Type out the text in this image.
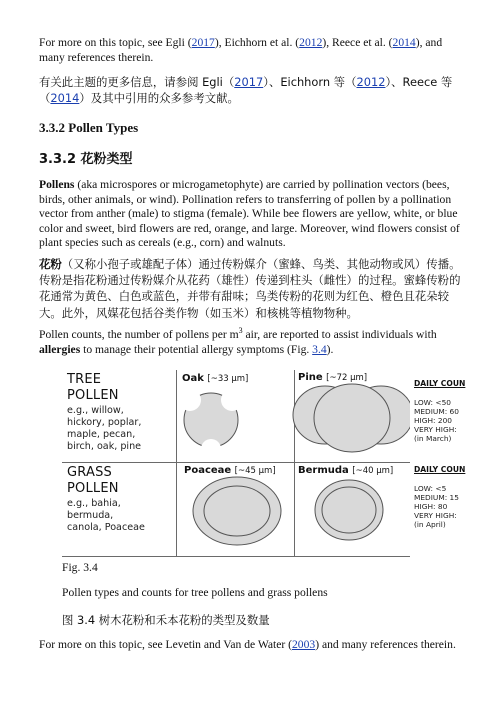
For more on this topic, see Egli (2017), Eichhorn et al. (2012), Reece et al. (2014), and many references therein.

有关此主题的更多信息，请参阅 Egli（2017）、Eichhorn 等（2012）、Reece 等（2014）及其中引用的众多参考文献。

3.3.2 Pollen Types
3.3.2 花粉类型

Pollens (aka microspores or microgametophyte) are carried by pollination vectors (bees, birds, other animals, or wind). Pollination refers to transferring of pollen by a pollination vector from anther (male) to stigma (female). While bee flowers are yellow, white, or blue color and sweet, bird flowers are red, orange, and large. Moreover, wind flowers consist of plant species such as cereals (e.g., corn) and walnuts.

花粉（又称小孢子或雄配子体）通过传粉媒介（蜜蜂、鸟类、其他动物或风）传播。传粉是指花粉通过传粉媒介从花药（雄性）传递到柱头（雌性）的过程。蜜蜂传粉的花通常为黄色、白色或蓝色，并带有甜味；鸟类传粉的花则为红色、橙色且花朵较大。此外，风媒花包括谷类作物（如玉米）和核桃等植物物种。

Pollen counts, the number of pollens per $m^3$ air, are reported to assist individuals with allergies to manage their potential allergy symptoms (Fig. 3.4).

TREE
POLLEN
e.g., willow,
hickory, poplar,
maple, pecan,
birch, oak, pine
GRASS
POLLEN
e.g., bahia,
bermuda,
canola, Poaceae
Oak [~33 μm]	Pine [~72 μm]
Poaceae [~45 μm] Bermuda [~40 μm]
DAILY COUN
LOW: <50
MEDIUM: 60
HIGH: 200
VERY HIGH:
(in March)
DAILY COUN
LOW: <5
MEDIUM: 15
HIGH: 80
VERY HIGH:
(in April)
Fig. 3.4
Pollen types and counts for tree pollens and grass pollens
图 3.4 树木花粉和禾本花粉的类型及数量

For more on this topic, see Levetin and Van de Water (2003) and many references therein.
